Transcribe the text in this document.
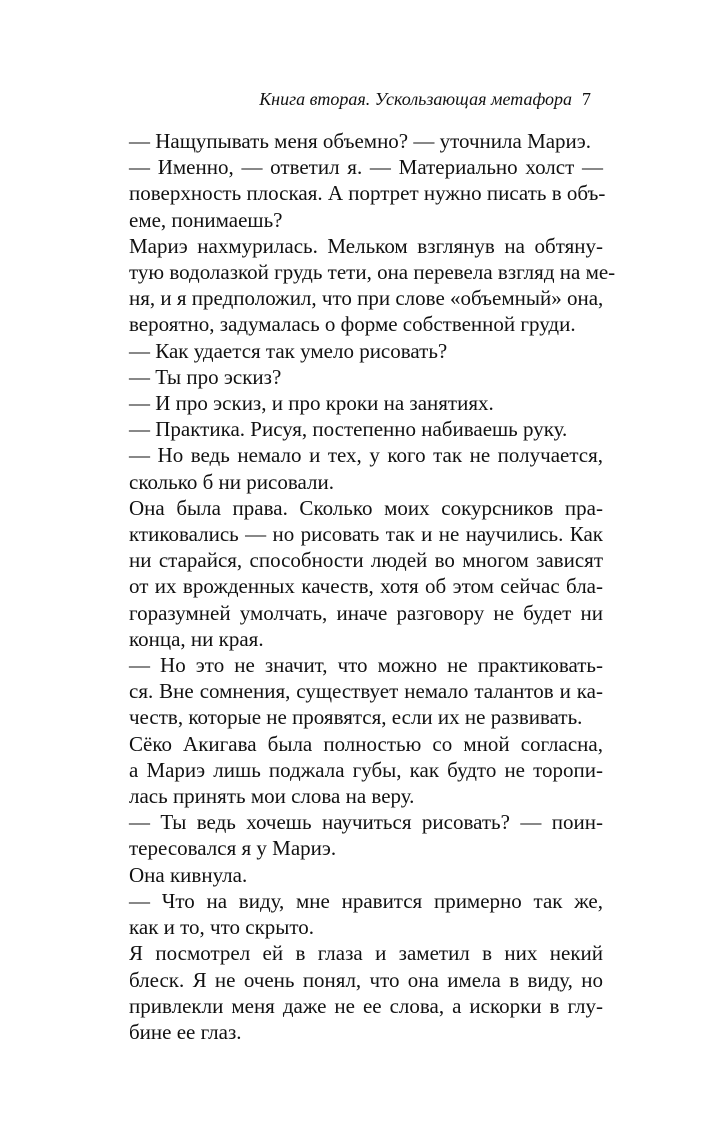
Книга вторая. Ускользающая метафора 7
— Нащупывать меня объемно? — уточнила Мариэ.
— Именно, — ответил я. — Материально холст —
поверхность плоская. А портрет нужно писать в объ-
еме, понимаешь?
Мариэ нахмурилась. Мельком взглянув на обтяну-
тую водолазкой грудь тети, она перевела взгляд на ме-
ня, и я предположил, что при слове «объемный» она,
вероятно, задумалась о форме собственной груди.
— Как удается так умело рисовать?
— Ты про эскиз?
— И про эскиз, и про кроки на занятиях.
— Практика. Рисуя, постепенно набиваешь руку.
— Но ведь немало и тех, у кого так не получается,
сколько б ни рисовали.
Она была права. Сколько моих сокурсников пра-
ктиковались — но рисовать так и не научились. Как
ни старайся, способности людей во многом зависят
от их врожденных качеств, хотя об этом сейчас бла-
горазумней умолчать, иначе разговору не будет ни
конца, ни края.
— Но это не значит, что можно не практиковать-
ся. Вне сомнения, существует немало талантов и ка-
честв, которые не проявятся, если их не развивать.
Сёко Акигава была полностью со мной согласна,
а Мариэ лишь поджала губы, как будто не торопи-
лась принять мои слова на веру.
— Ты ведь хочешь научиться рисовать? — поин-
тересовался я у Мариэ.
Она кивнула.
— Что на виду, мне нравится примерно так же,
как и то, что скрыто.
Я посмотрел ей в глаза и заметил в них некий
блеск. Я не очень понял, что она имела в виду, но
привлекли меня даже не ее слова, а искорки в глу-
бине ее глаз.
